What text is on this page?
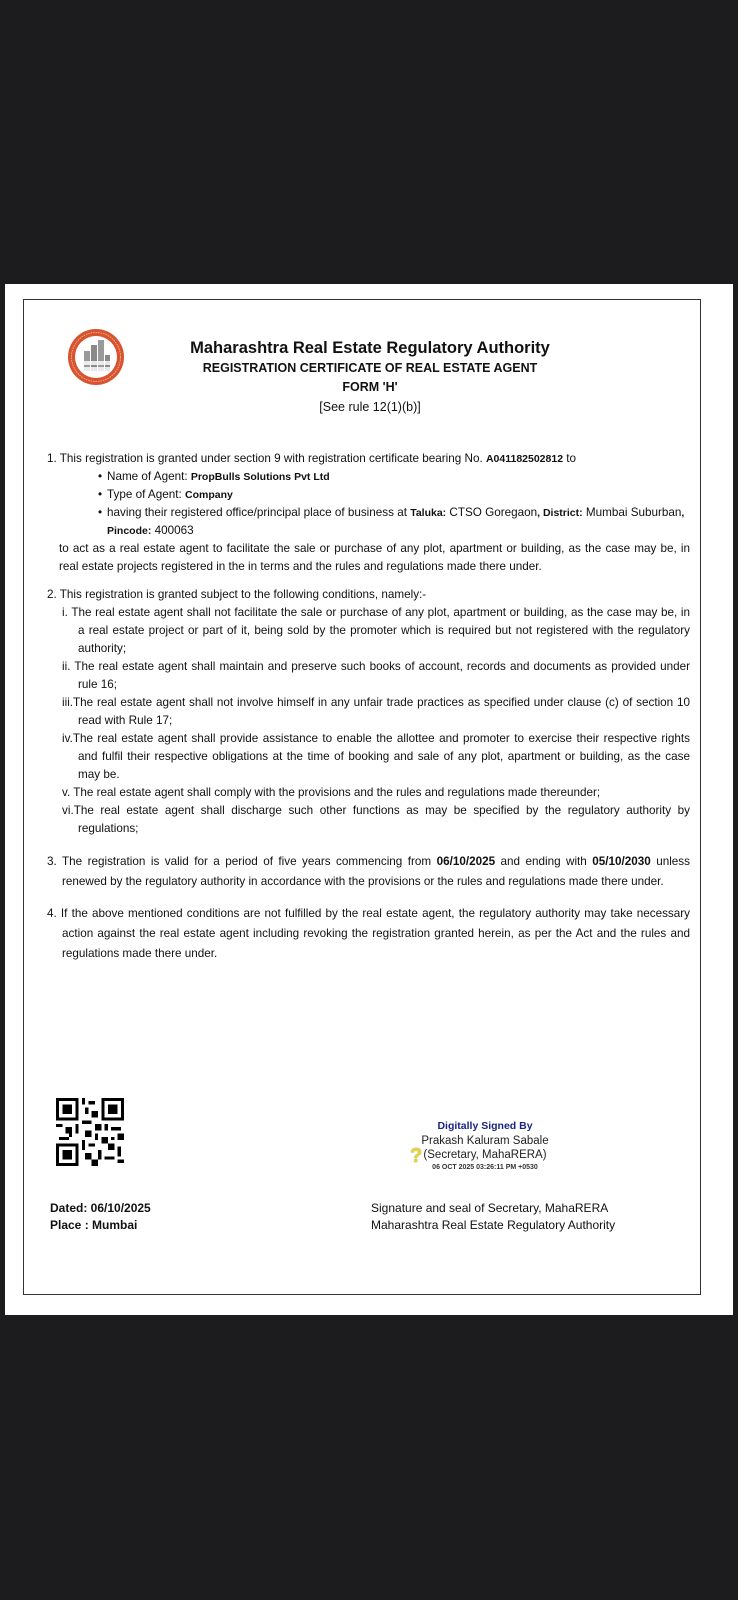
Maharashtra Real Estate Regulatory Authority
REGISTRATION CERTIFICATE OF REAL ESTATE AGENT
FORM 'H'
[See rule 12(1)(b)]
1. This registration is granted under section 9 with registration certificate bearing No. A041182502812 to
• Name of Agent: PropBulls Solutions Pvt Ltd
• Type of Agent: Company
• having their registered office/principal place of business at Taluka: CTSO Goregaon, District: Mumbai Suburban, Pincode: 400063
to act as a real estate agent to facilitate the sale or purchase of any plot, apartment or building, as the case may be, in real estate projects registered in the in terms and the rules and regulations made there under.
2. This registration is granted subject to the following conditions, namely:-
i. The real estate agent shall not facilitate the sale or purchase of any plot, apartment or building, as the case may be, in a real estate project or part of it, being sold by the promoter which is required but not registered with the regulatory authority;
ii. The real estate agent shall maintain and preserve such books of account, records and documents as provided under rule 16;
iii.The real estate agent shall not involve himself in any unfair trade practices as specified under clause (c) of section 10 read with Rule 17;
iv.The real estate agent shall provide assistance to enable the allottee and promoter to exercise their respective rights and fulfil their respective obligations at the time of booking and sale of any plot, apartment or building, as the case may be.
v. The real estate agent shall comply with the provisions and the rules and regulations made thereunder;
vi.The real estate agent shall discharge such other functions as may be specified by the regulatory authority by regulations;
3. The registration is valid for a period of five years commencing from 06/10/2025 and ending with 05/10/2030 unless renewed by the regulatory authority in accordance with the provisions or the rules and regulations made there under.
4. If the above mentioned conditions are not fulfilled by the real estate agent, the regulatory authority may take necessary action against the real estate agent including revoking the registration granted herein, as per the Act and the rules and regulations made there under.
Digitally Signed By
Prakash Kaluram Sabale
(Secretary, MahaRERA)
06 OCT 2025 03:26:11 PM +0530
?
Dated: 06/10/2025
Place : Mumbai
Signature and seal of Secretary, MahaRERA
Maharashtra Real Estate Regulatory Authority
